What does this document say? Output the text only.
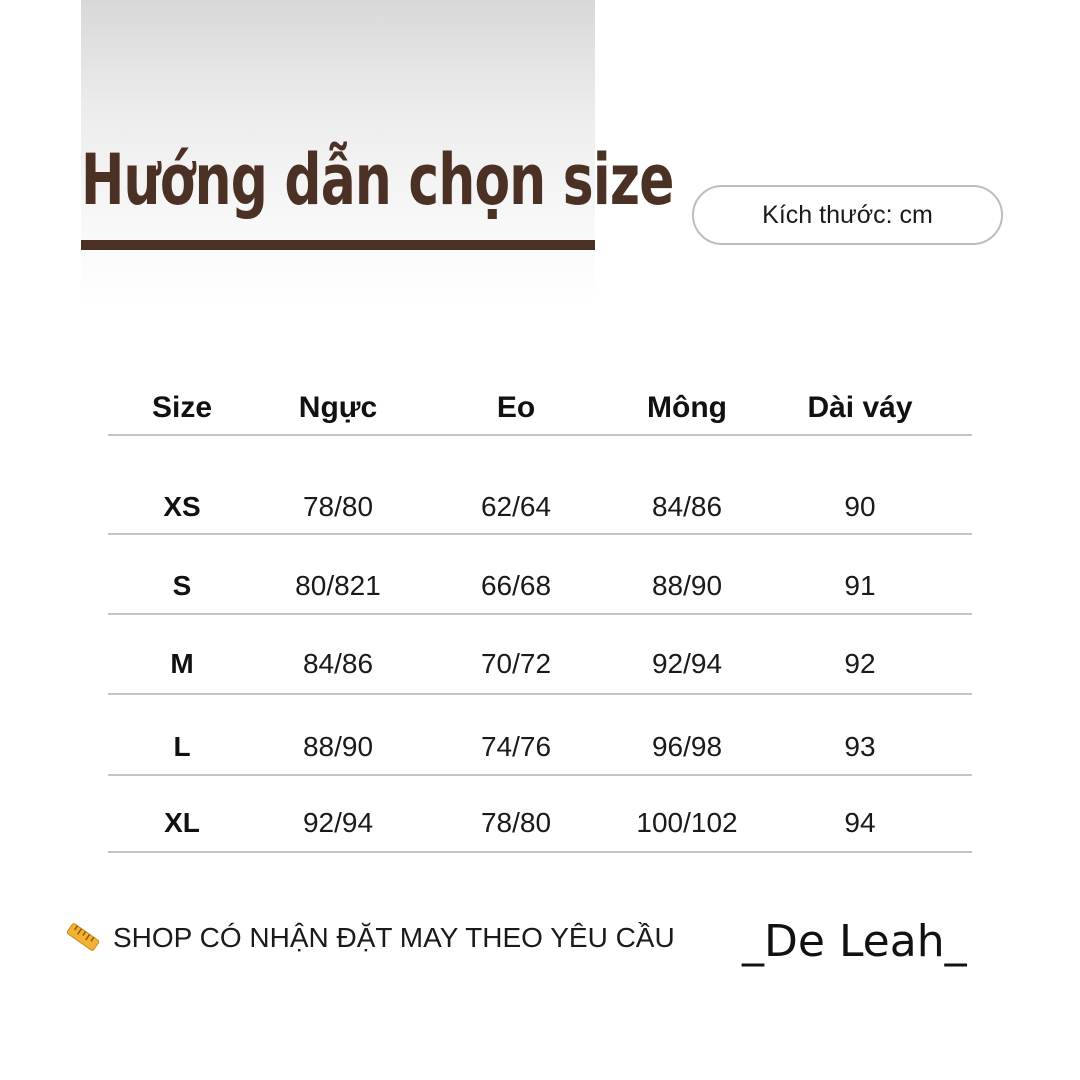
Hướng dẫn chọn size	Kích thước: cm
Size	Ngực	Eo	Mông	Dài váy
XS	78/80	62/64	84/86	90
S	80/821	66/68	88/90	91
M	84/86	70/72	92/94	92
L	88/90	74/76	96/98	93
XL	92/94	78/80	100/102	94
SHOP CÓ NHẬN ĐẶT MAY THEO YÊU CẦU _De Leah_
